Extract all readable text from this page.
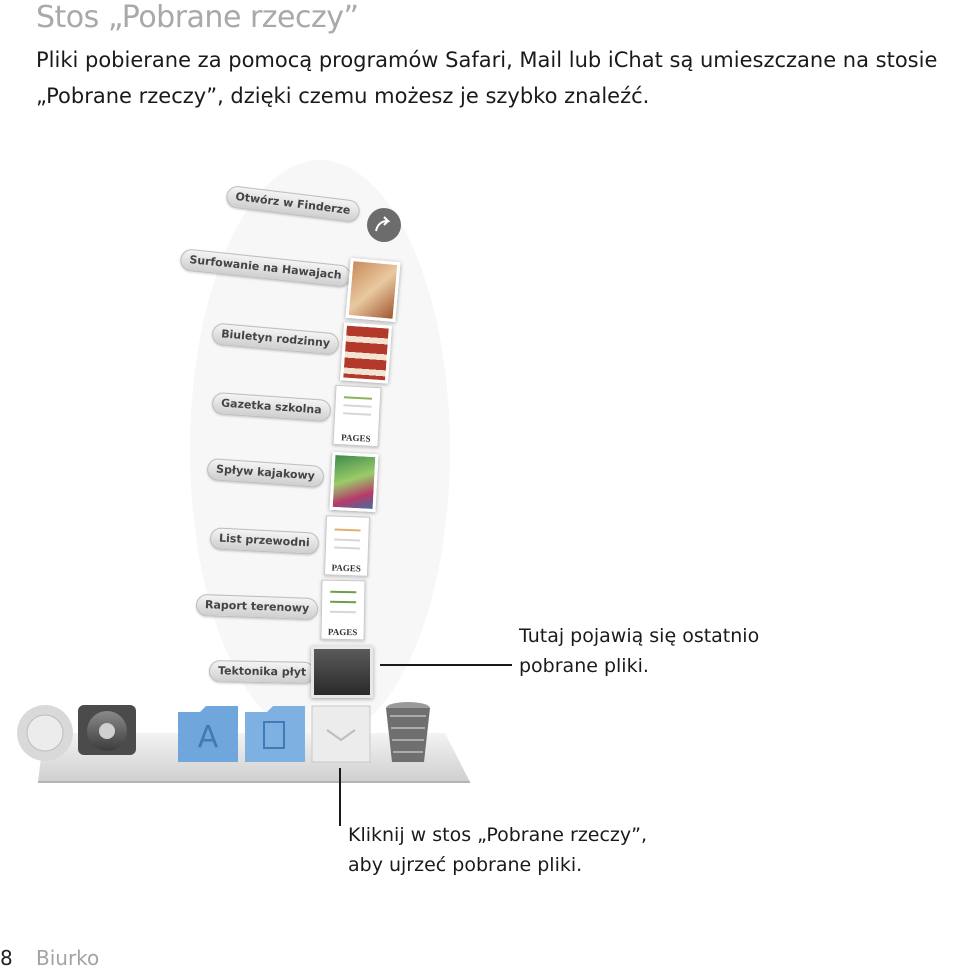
Stos „Pobrane rzeczy”

Pliki pobierane za pomocą programów Safari, Mail lub iChat są umieszczane na stosie „Pobrane rzeczy”, dzięki czemu możesz je szybko znaleźć.

A
Otwórz w Finderze
Surfowanie na Hawajach
Biuletyn rodzinny
Gazetka szkolna
Spływ kajakowy
List przewodni
Raport terenowy
Tektonika płyt
PAGES
PAGES
PAGES	Tutaj pojawią się ostatnio
pobrane pliki.
Kliknij w stos „Pobrane rzeczy”,
aby ujrzeć pobrane pliki.
8 Biurko
